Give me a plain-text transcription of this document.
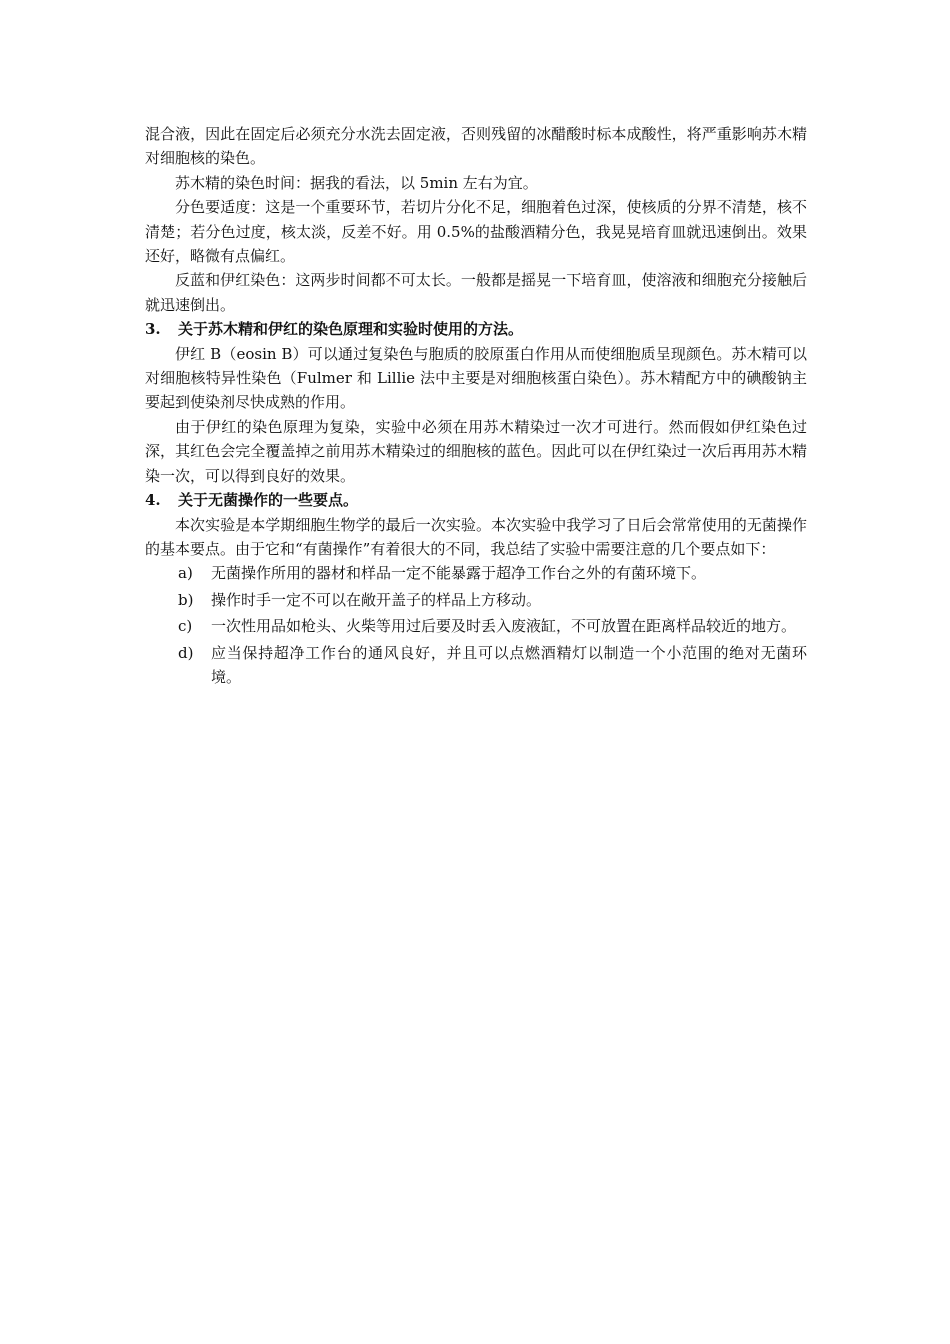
混合液，因此在固定后必须充分水洗去固定液，否则残留的冰醋酸时标本成酸性，将严重影响苏木精对细胞核的染色。

苏木精的染色时间：据我的看法，以 5min 左右为宜。

分色要适度：这是一个重要环节，若切片分化不足，细胞着色过深，使核质的分界不清楚，核不清楚；若分色过度，核太淡，反差不好。用 0.5%的盐酸酒精分色，我晃晃培育皿就迅速倒出。效果还好，略微有点偏红。

反蓝和伊红染色：这两步时间都不可太长。一般都是摇晃一下培育皿，使溶液和细胞充分接触后就迅速倒出。

3.	关于苏木精和伊红的染色原理和实验时使用的方法。

伊红 B（eosin B）可以通过复染色与胞质的胶原蛋白作用从而使细胞质呈现颜色。苏木精可以对细胞核特异性染色（Fulmer 和 Lillie 法中主要是对细胞核蛋白染色）。苏木精配方中的碘酸钠主要起到使染剂尽快成熟的作用。

由于伊红的染色原理为复染，实验中必须在用苏木精染过一次才可进行。然而假如伊红染色过深，其红色会完全覆盖掉之前用苏木精染过的细胞核的蓝色。因此可以在伊红染过一次后再用苏木精染一次，可以得到良好的效果。

4.	关于无菌操作的一些要点。

本次实验是本学期细胞生物学的最后一次实验。本次实验中我学习了日后会常常使用的无菌操作的基本要点。由于它和“有菌操作”有着很大的不同，我总结了实验中需要注意的几个要点如下：

a)	无菌操作所用的器材和样品一定不能暴露于超净工作台之外的有菌环境下。
b)	操作时手一定不可以在敞开盖子的样品上方移动。
c)	一次性用品如枪头、火柴等用过后要及时丢入废液缸，不可放置在距离样品较近的地方。
d)	应当保持超净工作台的通风良好，并且可以点燃酒精灯以制造一个小范围的绝对无菌环境。
